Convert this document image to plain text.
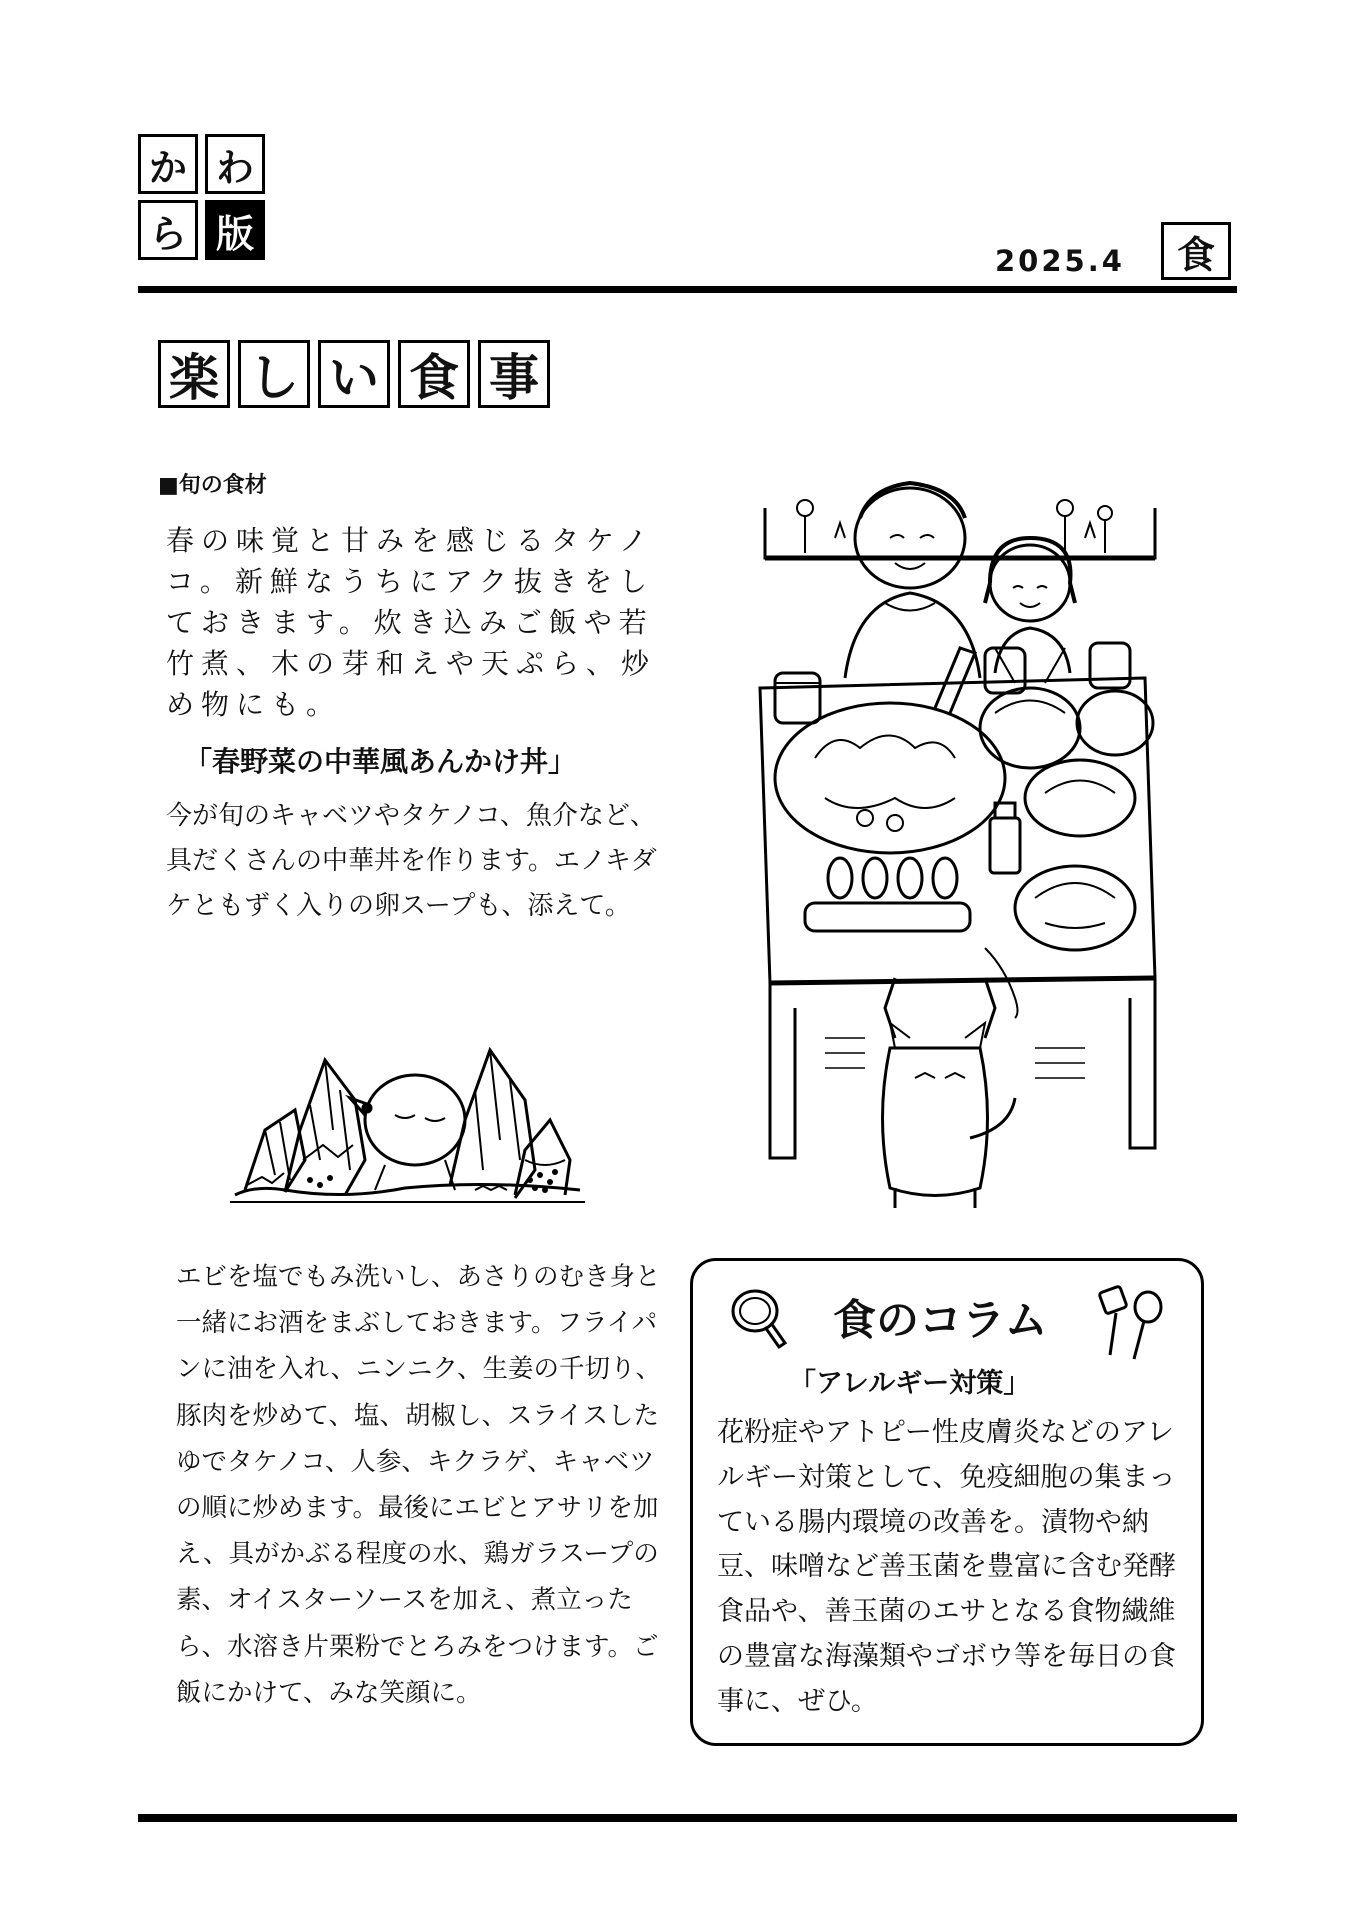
か わ
ら 版
2025.4 食
楽 し い 食 事
■旬の食材
春の味覚と甘みを感じるタケノコ。新鮮なうちにアク抜きをしておきます。炊き込みご飯や若竹煮、木の芽和えや天ぷら、炒め物にも。
「春野菜の中華風あんかけ丼」
今が旬のキャベツやタケノコ、魚介など、具だくさんの中華丼を作ります。エノキダケともずく入りの卵スープも、添えて。
エビを塩でもみ洗いし、あさりのむき身と一緒にお酒をまぶしておきます。フライパンに油を入れ、ニンニク、生姜の千切り、豚肉を炒めて、塩、胡椒し、スライスしたゆでタケノコ、人参、キクラゲ、キャベツの順に炒めます。最後にエビとアサリを加え、具がかぶる程度の水、鶏ガラスープの素、オイスターソースを加え、煮立ったら、水溶き片栗粉でとろみをつけます。ご飯にかけて、みな笑顔に。
食のコラム
「アレルギー対策」
花粉症やアトピー性皮膚炎などのアレルギー対策として、免疫細胞の集まっている腸内環境の改善を。漬物や納豆、味噌など善玉菌を豊富に含む発酵食品や、善玉菌のエサとなる食物繊維の豊富な海藻類やゴボウ等を毎日の食事に、ぜひ。
